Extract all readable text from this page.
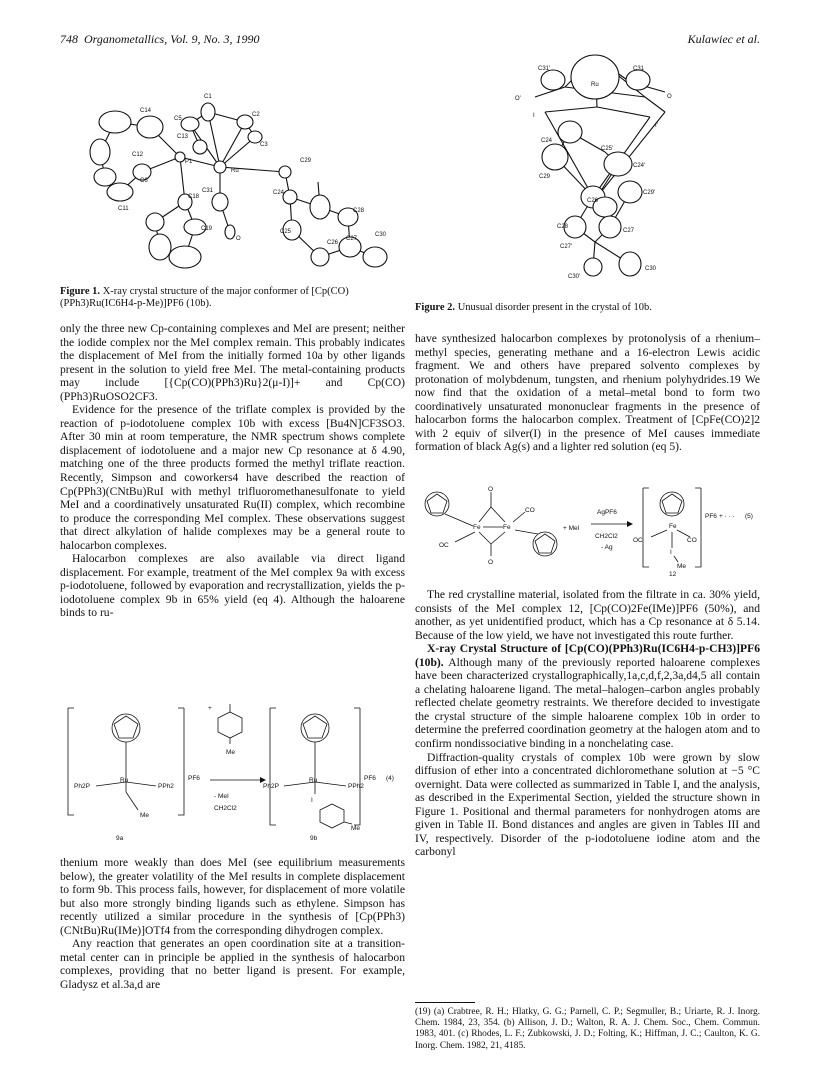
748 Organometallics, Vol. 9, No. 3, 1990	Kulawiec et al.
C1
C2
C3
C5
C14
C13
C12
Ru
C29
C28
P1
C31
C6
C11
C18
O
C24
C27
C19	C25	C30
C26
Figure 1. X-ray crystal structure of the major conformer of [Cp(CO)(PPh3)Ru(IC6H4-p-Me)]PF6 (10b).
C31'	C31
Ru
O'	O
I
I'
C25'
C24
C24'
C29
C26
C29'
C28
C27
C27'
C30
C30'
Figure 2. Unusual disorder present in the crystal of 10b.

only the three new Cp-containing complexes and MeI are present; neither the iodide complex nor the MeI complex remain. This probably indicates the displacement of MeI from the initially formed 10a by other ligands present in the solution to yield free MeI. The metal-containing products may include [{Cp(CO)(PPh3)Ru}2(μ-I)]+ and Cp(CO)(PPh3)RuOSO2CF3.

Evidence for the presence of the triflate complex is provided by the reaction of p-iodotoluene complex 10b with excess [Bu4N]CF3SO3. After 30 min at room temperature, the NMR spectrum shows complete displacement of iodotoluene and a major new Cp resonance at δ 4.90, matching one of the three products formed the methyl triflate reaction. Recently, Simpson and coworkers4 have described the reaction of Cp(PPh3)(CNtBu)RuI with methyl trifluoromethanesulfonate to yield MeI and a coordinatively unsaturated Ru(II) complex, which recombine to produce the corresponding MeI complex. These observations suggest that direct alkylation of halide complexes may be a general route to halocarbon complexes.

Halocarbon complexes are also available via direct ligand displacement. For example, treatment of the MeI complex 9a with excess p-iodotoluene, followed by evaporation and recrystallization, yields the p-iodotoluene complex 9b in 65% yield (eq 4). Although the haloarene binds to ru-

Ru
Ph2P	PPh2
Me
PF6
9a
+
Me
- MeI
CH2Cl2
Ru
Ph2P	PPh2
I
Me
PF6 (4)
9b

thenium more weakly than does MeI (see equilibrium measurements below), the greater volatility of the MeI results in complete displacement to form 9b. This process fails, however, for displacement of more volatile but also more strongly binding ligands such as ethylene. Simpson has recently utilized a similar procedure in the synthesis of [Cp(PPh3)(CNtBu)Ru(IMe)]OTf4 from the corresponding dihydrogen complex.

Any reaction that generates an open coordination site at a transition-metal center can in principle be applied in the synthesis of halocarbon complexes, providing that no better ligand is present. For example, Gladysz et al.3a,d are

have synthesized halocarbon complexes by protonolysis of a rhenium–methyl species, generating methane and a 16-electron Lewis acidic fragment. We and others have prepared solvento complexes by protonation of molybdenum, tungsten, and rhenium polyhydrides.19 We now find that the oxidation of a metal–metal bond to form two coordinatively unsaturated mononuclear fragments in the presence of halocarbon forms the halocarbon complex. Treatment of [CpFe(CO)2]2 with 2 equiv of silver(I) in the presence of MeI causes immediate formation of black Ag(s) and a lighter red solution (eq 5).

Fe	Fe
O
O
OC
CO
+ MeI
AgPF6
CH2Cl2
- Ag
Fe
OC	CO
I
Me
PF6 + · · · (5)
12

The red crystalline material, isolated from the filtrate in ca. 30% yield, consists of the MeI complex 12, [Cp(CO)2Fe(IMe)]PF6 (50%), and another, as yet unidentified product, which has a Cp resonance at δ 5.14. Because of the low yield, we have not investigated this route further.

X-ray Crystal Structure of [Cp(CO)(PPh3)Ru(IC6H4-p-CH3)]PF6 (10b). Although many of the previously reported haloarene complexes have been characterized crystallographically,1a,c,d,f,2,3a,d4,5 all contain a chelating haloarene ligand. The metal–halogen–carbon angles probably reflected chelate geometry restraints. We therefore decided to investigate the crystal structure of the simple haloarene complex 10b in order to determine the preferred coordination geometry at the halogen atom and to confirm nondissociative binding in a nonchelating case.

Diffraction-quality crystals of complex 10b were grown by slow diffusion of ether into a concentrated dichloromethane solution at −5 °C overnight. Data were collected as summarized in Table I, and the analysis, as described in the Experimental Section, yielded the structure shown in Figure 1. Positional and thermal parameters for nonhydrogen atoms are given in Table II. Bond distances and angles are given in Tables III and IV, respectively. Disorder of the p-iodotoluene iodine atom and the carbonyl

(19) (a) Crabtree, R. H.; Hlatky, G. G.; Parnell, C. P.; Segmuller, B.; Uriarte, R. J. Inorg. Chem. 1984, 23, 354. (b) Allison, J. D.; Walton, R. A. J. Chem. Soc., Chem. Commun. 1983, 401. (c) Rhodes, L. F.; Zubkowski, J. D.; Folting, K.; Hiffman, J. C.; Caulton, K. G. Inorg. Chem. 1982, 21, 4185.
